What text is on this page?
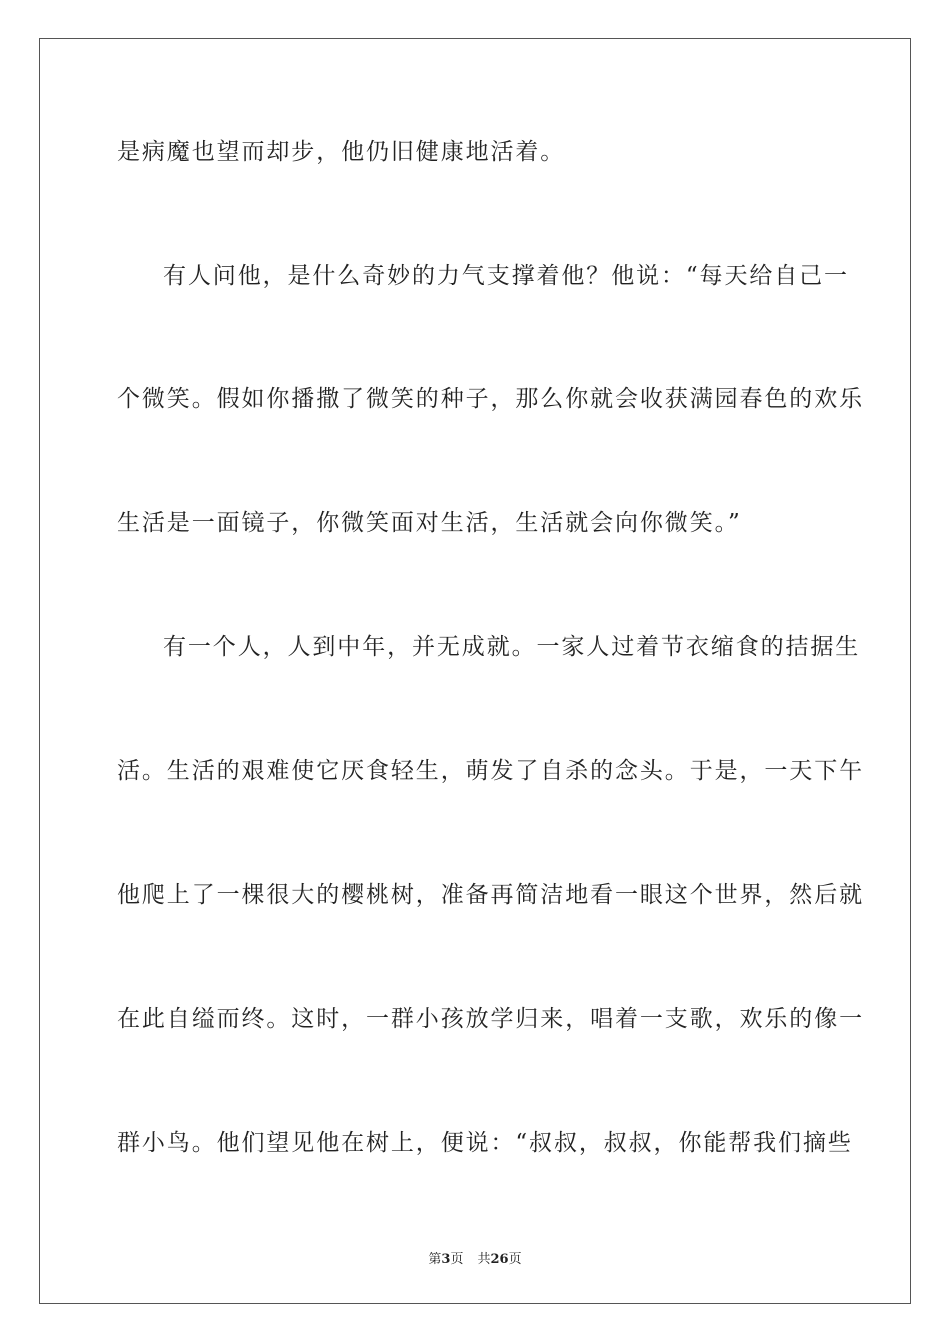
是病魔也望而却步，他仍旧健康地活着。
有人问他，是什么奇妙的力气支撑着他？他说：“每天给自己一
个微笑。假如你播撒了微笑的种子，那么你就会收获满园春色的欢乐
生活是一面镜子，你微笑面对生活，生活就会向你微笑。”
有一个人，人到中年，并无成就。一家人过着节衣缩食的拮据生
活。生活的艰难使它厌食轻生，萌发了自杀的念头。于是，一天下午
他爬上了一棵很大的樱桃树，准备再简洁地看一眼这个世界，然后就
在此自缢而终。这时，一群小孩放学归来，唱着一支歌，欢乐的像一
群小鸟。他们望见他在树上，便说：“叔叔，叔叔，你能帮我们摘些
第3页 共26页
